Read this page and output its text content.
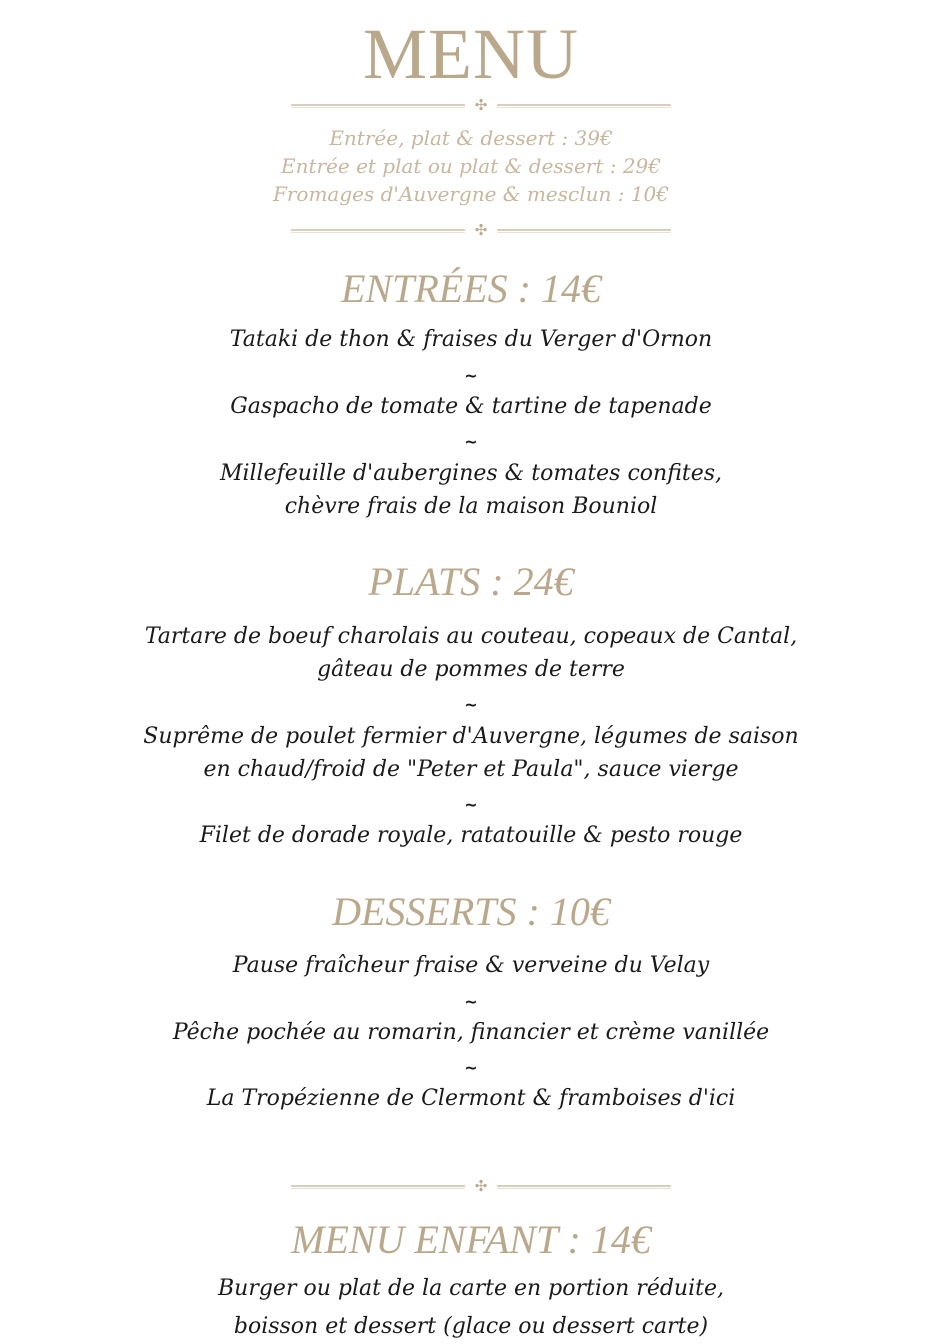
MENU
✣
Entrée, plat & dessert : 39€
Entrée et plat ou plat & dessert : 29€
Fromages d'Auvergne & mesclun : 10€
✣
ENTRÉES : 14€
Tataki de thon & fraises du Verger d'Ornon
~
Gaspacho de tomate & tartine de tapenade
~
Millefeuille d'aubergines & tomates confites,
chèvre frais de la maison Bouniol
PLATS : 24€
Tartare de boeuf charolais au couteau, copeaux de Cantal,
gâteau de pommes de terre
~
Suprême de poulet fermier d'Auvergne, légumes de saison
en chaud/froid de "Peter et Paula", sauce vierge
~
Filet de dorade royale, ratatouille & pesto rouge
DESSERTS : 10€
Pause fraîcheur fraise & verveine du Velay
~
Pêche pochée au romarin, financier et crème vanillée
~
La Tropézienne de Clermont & framboises d'ici
✣
MENU ENFANT : 14€
Burger ou plat de la carte en portion réduite,
boisson et dessert (glace ou dessert carte)
